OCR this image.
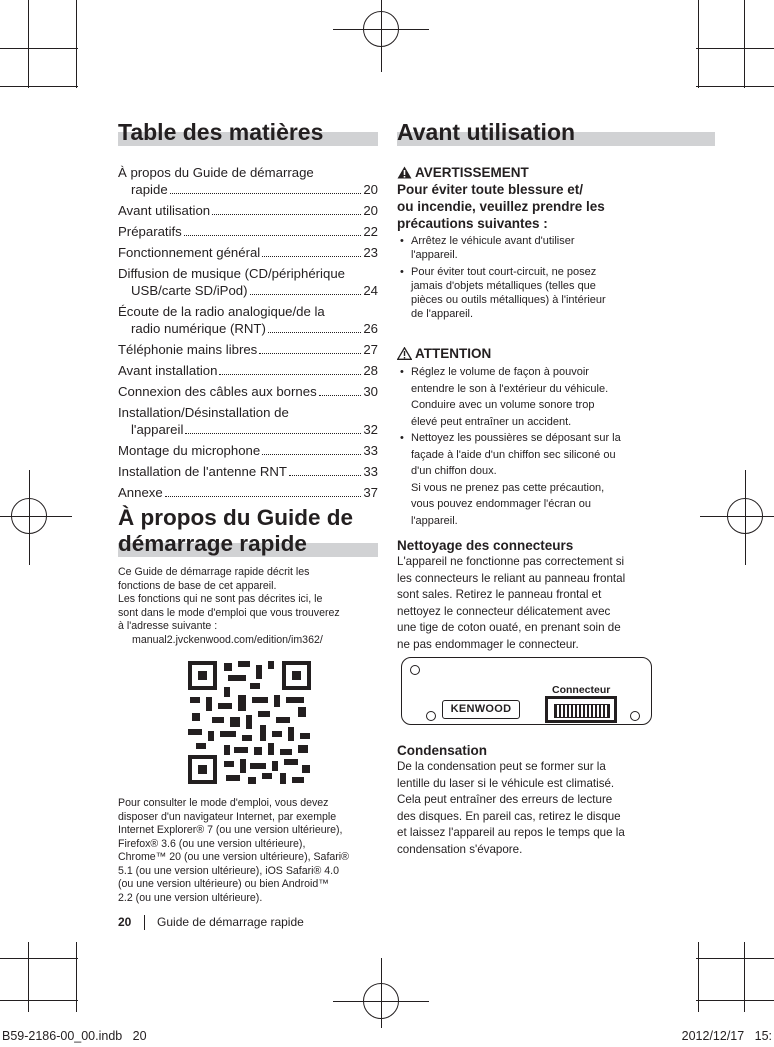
Table des matières
À propos du Guide de démarrage
rapide	20
Avant utilisation	20
Préparatifs	22
Fonctionnement général	23
Diffusion de musique (CD/périphérique
USB/carte SD/iPod)	24
Écoute de la radio analogique/de la
radio numérique (RNT)	26
Téléphonie mains libres	27
Avant installation	28
Connexion des câbles aux bornes	30
Installation/Désinstallation de
l'appareil	32
Montage du microphone	33
Installation de l'antenne RNT	33
Annexe	37
À propos du Guide de
démarrage rapide
Ce Guide de démarrage rapide décrit les
fonctions de base de cet appareil.
Les fonctions qui ne sont pas décrites ici, le
sont dans le mode d'emploi que vous trouverez
à l'adresse suivante :
manual2.jvckenwood.com/edition/im362/
Pour consulter le mode d'emploi, vous devez
disposer d'un navigateur Internet, par exemple
Internet Explorer® 7 (ou une version ultérieure),
Firefox® 3.6 (ou une version ultérieure),
Chrome™ 20 (ou une version ultérieure), Safari®
5.1 (ou une version ultérieure), iOS Safari® 4.0
(ou une version ultérieure) ou bien Android™
2.2 (ou une version ultérieure).
20 Guide de démarrage rapide
Avant utilisation
AVERTISSEMENT
Pour éviter toute blessure et/
ou incendie, veuillez prendre les
précautions suivantes :
• Arrêtez le véhicule avant d'utiliser
l'appareil.
• Pour éviter tout court-circuit, ne posez
jamais d'objets métalliques (telles que
pièces ou outils métalliques) à l'intérieur
de l'appareil.
ATTENTION
• Réglez le volume de façon à pouvoir
entendre le son à l'extérieur du véhicule.
Conduire avec un volume sonore trop
élevé peut entraîner un accident.
• Nettoyez les poussières se déposant sur la
façade à l'aide d'un chiffon sec siliconé ou
d'un chiffon doux.
Si vous ne prenez pas cette précaution,
vous pouvez endommager l'écran ou
l'appareil.
Nettoyage des connecteurs
L'appareil ne fonctionne pas correctement si
les connecteurs le reliant au panneau frontal
sont sales. Retirez le panneau frontal et
nettoyez le connecteur délicatement avec
une tige de coton ouaté, en prenant soin de
ne pas endommager le connecteur.
KENWOOD
Connecteur
Condensation
De la condensation peut se former sur la
lentille du laser si le véhicule est climatisé.
Cela peut entraîner des erreurs de lecture
des disques. En pareil cas, retirez le disque
et laissez l'appareil au repos le temps que la
condensation s'évapore.
B59-2186-00_00.indb   20	2012/12/17   15:
